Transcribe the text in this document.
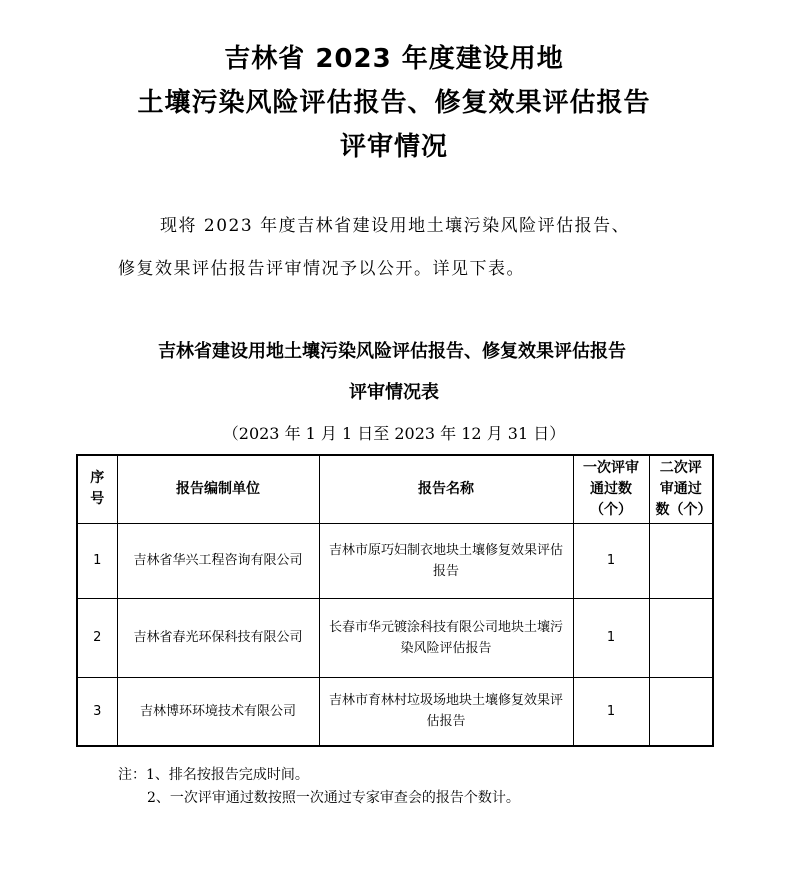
吉林省 2023 年度建设用地
土壤污染风险评估报告、修复效果评估报告
评审情况
现将 2023 年度吉林省建设用地土壤污染风险评估报告、
修复效果评估报告评审情况予以公开。详见下表。
吉林省建设用地土壤污染风险评估报告、修复效果评估报告
评审情况表
（2023 年 1 月 1 日至 2023 年 12 月 31 日）
序号	报告编制单位	报告名称	一次评审通过数（个）	二次评审通过数（个）
1	吉林省华兴工程咨询有限公司	吉林市原巧妇制衣地块土壤修复效果评估报告	1	
2	吉林省春光环保科技有限公司	长春市华元镀涂科技有限公司地块土壤污染风险评估报告	1	
3	吉林博环环境技术有限公司	吉林市育林村垃圾场地块土壤修复效果评估报告	1	
注：1、排名按报告完成时间。
2、一次评审通过数按照一次通过专家审查会的报告个数计。
